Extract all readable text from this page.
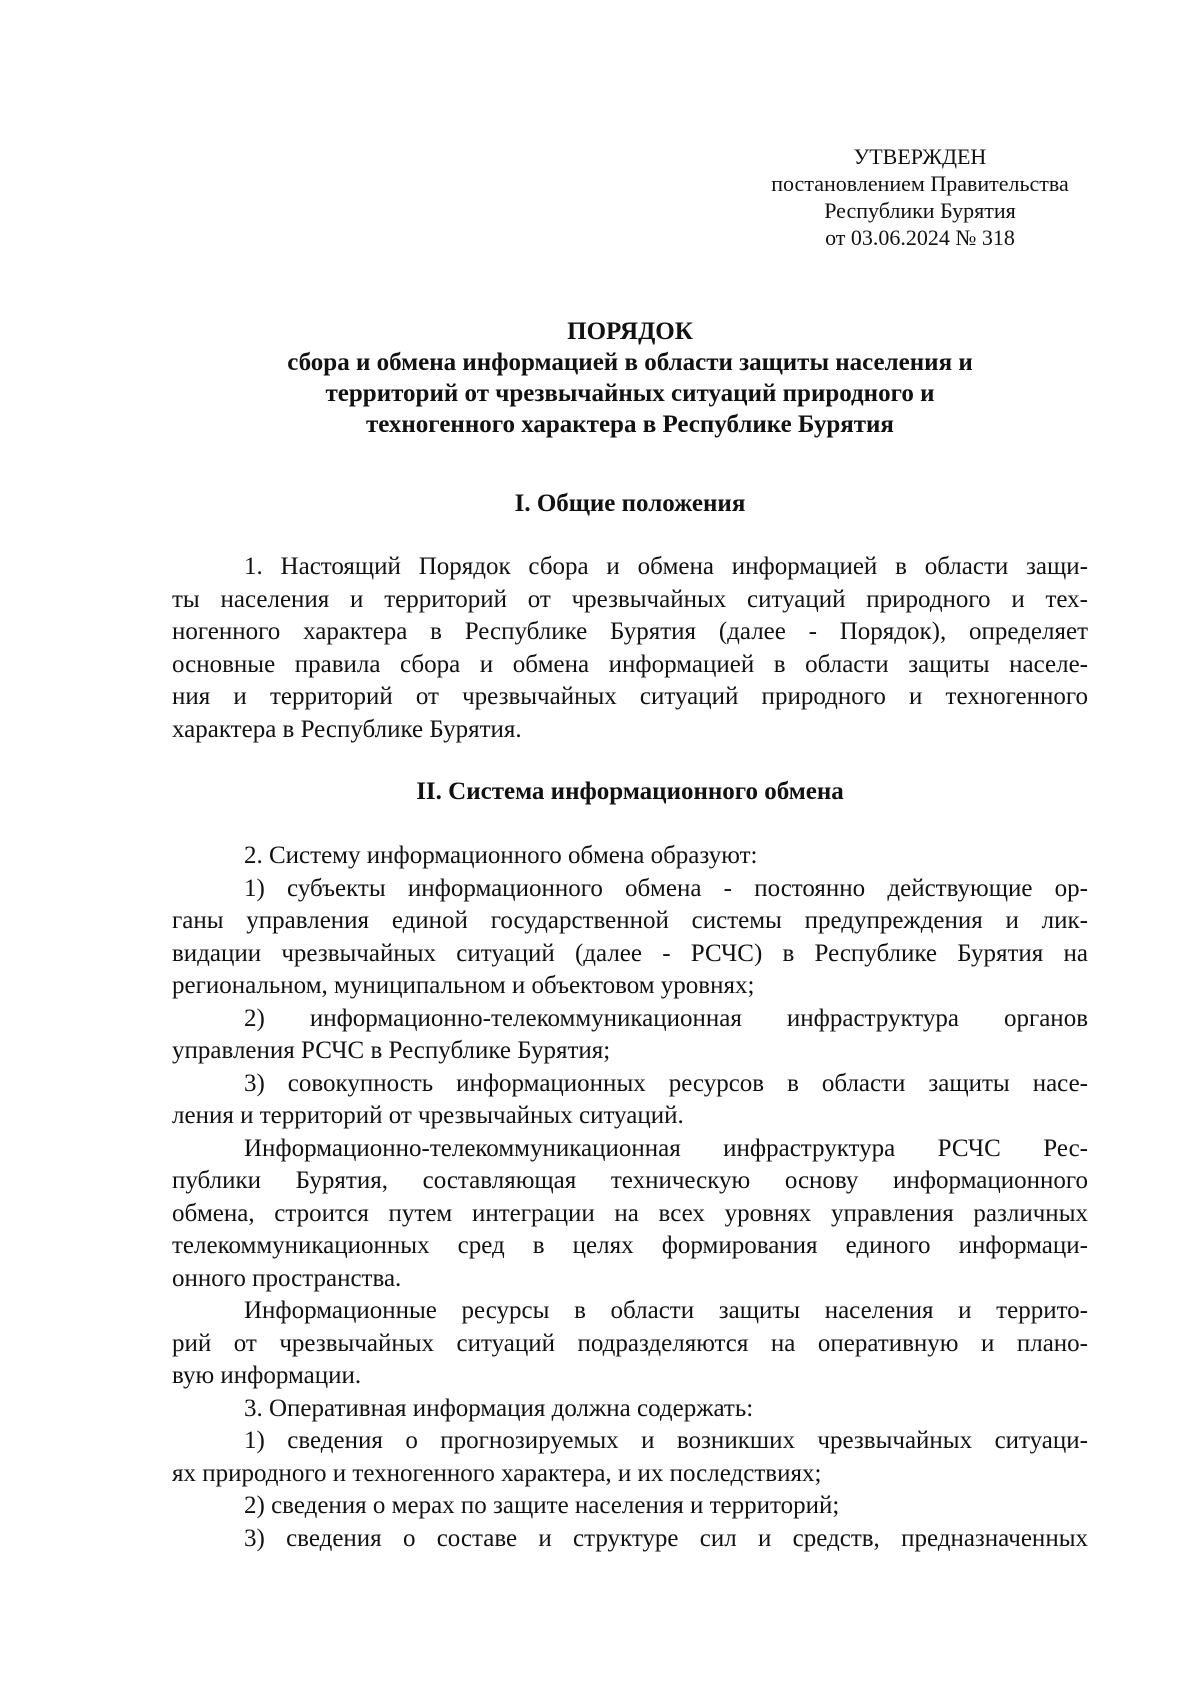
УТВЕРЖДЕН
постановлением Правительства
Республики Бурятия
от 03.06.2024 № 318
ПОРЯДОК
сбора и обмена информацией в области защиты населения и
территорий от чрезвычайных ситуаций природного и
техногенного характера в Республике Бурятия
I. Общие положения
1. Настоящий Порядок сбора и обмена информацией в области защи-
ты населения и территорий от чрезвычайных ситуаций природного и тех-
ногенного характера в Республике Бурятия (далее - Порядок), определяет
основные правила сбора и обмена информацией в области защиты населе-
ния и территорий от чрезвычайных ситуаций природного и техногенного
характера в Республике Бурятия.
II. Система информационного обмена
2. Систему информационного обмена образуют:
1) субъекты информационного обмена - постоянно действующие ор-
ганы управления единой государственной системы предупреждения и лик-
видации чрезвычайных ситуаций (далее - РСЧС) в Республике Бурятия на
региональном, муниципальном и объектовом уровнях;
2) информационно-телекоммуникационная инфраструктура органов
управления РСЧС в Республике Бурятия;
3) совокупность информационных ресурсов в области защиты насе-
ления и территорий от чрезвычайных ситуаций.
Информационно-телекоммуникационная инфраструктура РСЧС Рес-
публики Бурятия, составляющая техническую основу информационного
обмена, строится путем интеграции на всех уровнях управления различных
телекоммуникационных сред в целях формирования единого информаци-
онного пространства.
Информационные ресурсы в области защиты населения и террито-
рий от чрезвычайных ситуаций подразделяются на оперативную и плано-
вую информации.
3. Оперативная информация должна содержать:
1) сведения о прогнозируемых и возникших чрезвычайных ситуаци-
ях природного и техногенного характера, и их последствиях;
2) сведения о мерах по защите населения и территорий;
3) сведения о составе и структуре сил и средств, предназначенных
